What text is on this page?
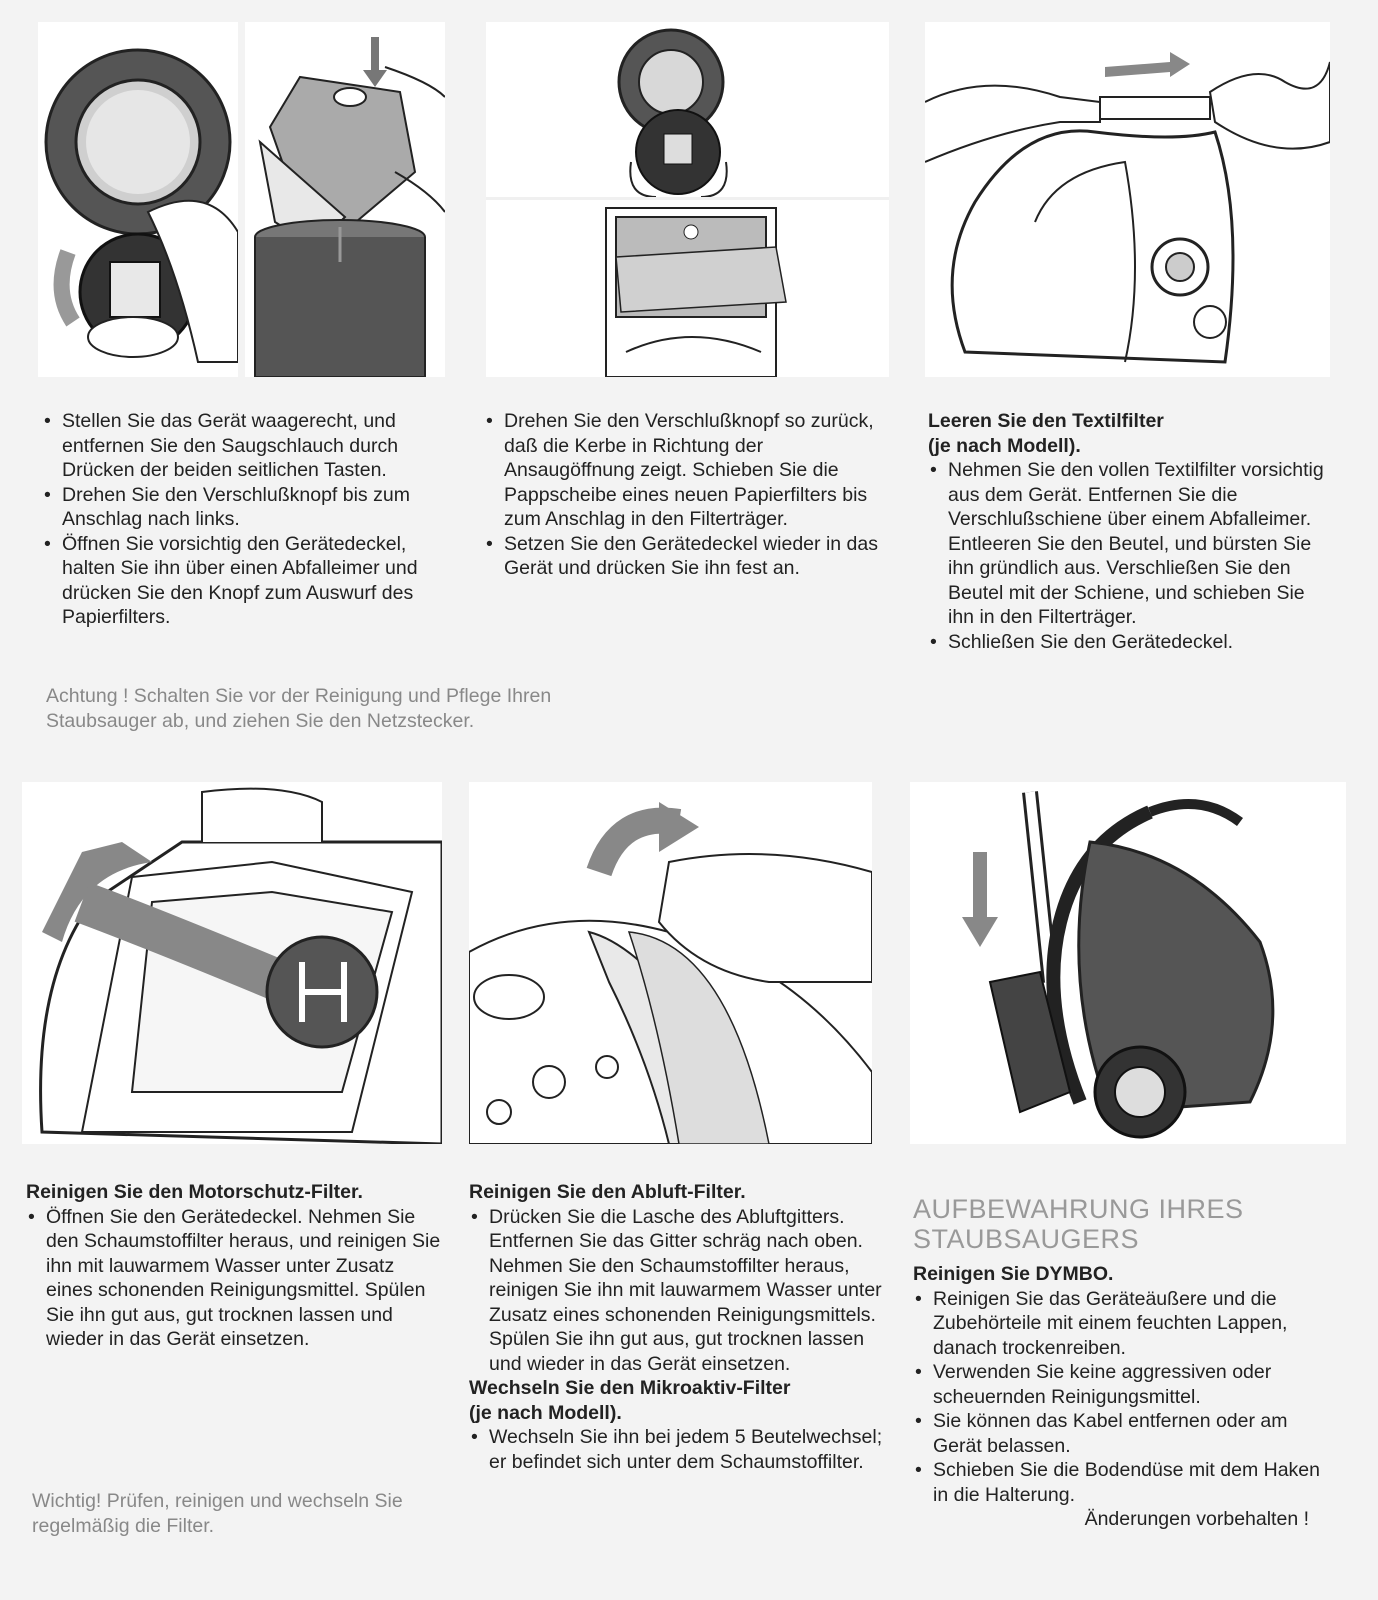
• Stellen Sie das Gerät waagerecht, und entfernen Sie den Saugschlauch durch Drücken der beiden seitlichen Tasten.
• Drehen Sie den Verschlußknopf bis zum Anschlag nach links.
• Öffnen Sie vorsichtig den Gerätedeckel, halten Sie ihn über einen Abfalleimer und drücken Sie den Knopf zum Auswurf des Papierfilters.
• Drehen Sie den Verschlußknopf so zurück, daß die Kerbe in Richtung der Ansaugöffnung zeigt. Schieben Sie die Pappscheibe eines neuen Papierfilters bis zum Anschlag in den Filterträger.
• Setzen Sie den Gerätedeckel wieder in das Gerät und drücken Sie ihn fest an.
Leeren Sie den Textilfilter
(je nach Modell).
• Nehmen Sie den vollen Textilfilter vorsichtig aus dem Gerät. Entfernen Sie die Verschlußschiene über einem Abfalleimer. Entleeren Sie den Beutel, und bürsten Sie ihn gründlich aus. Verschließen Sie den Beutel mit der Schiene, und schieben Sie ihn in den Filterträger.
• Schließen Sie den Gerätedeckel.
Achtung ! Schalten Sie vor der Reinigung und Pflege Ihren Staubsauger ab, und ziehen Sie den Netzstecker.
Reinigen Sie den Motorschutz-Filter.
• Öffnen Sie den Gerätedeckel. Nehmen Sie den Schaumstoffilter heraus, und reinigen Sie ihn mit lauwarmem Wasser unter Zusatz eines schonenden Reinigungsmittel. Spülen Sie ihn gut aus, gut trocknen lassen und wieder in das Gerät einsetzen.
Wichtig! Prüfen, reinigen und wechseln Sie regelmäßig die Filter.
Reinigen Sie den Abluft-Filter.
• Drücken Sie die Lasche des Abluftgitters. Entfernen Sie das Gitter schräg nach oben. Nehmen Sie den Schaumstoffilter heraus, reinigen Sie ihn mit lauwarmem Wasser unter Zusatz eines schonenden Reinigungsmittels. Spülen Sie ihn gut aus, gut trocknen lassen und wieder in das Gerät einsetzen.
Wechseln Sie den Mikroaktiv-Filter
(je nach Modell).
• Wechseln Sie ihn bei jedem 5 Beutelwechsel; er befindet sich unter dem Schaumstoffilter.
AUFBEWAHRUNG IHRES
STAUBSAUGERS
Reinigen Sie DYMBO.
• Reinigen Sie das Geräteäußere und die Zubehörteile mit einem feuchten Lappen, danach trockenreiben.
• Verwenden Sie keine aggressiven oder scheuernden Reinigungsmittel.
• Sie können das Kabel entfernen oder am Gerät belassen.
• Schieben Sie die Bodendüse mit dem Haken in die Halterung.
Änderungen vorbehalten !
